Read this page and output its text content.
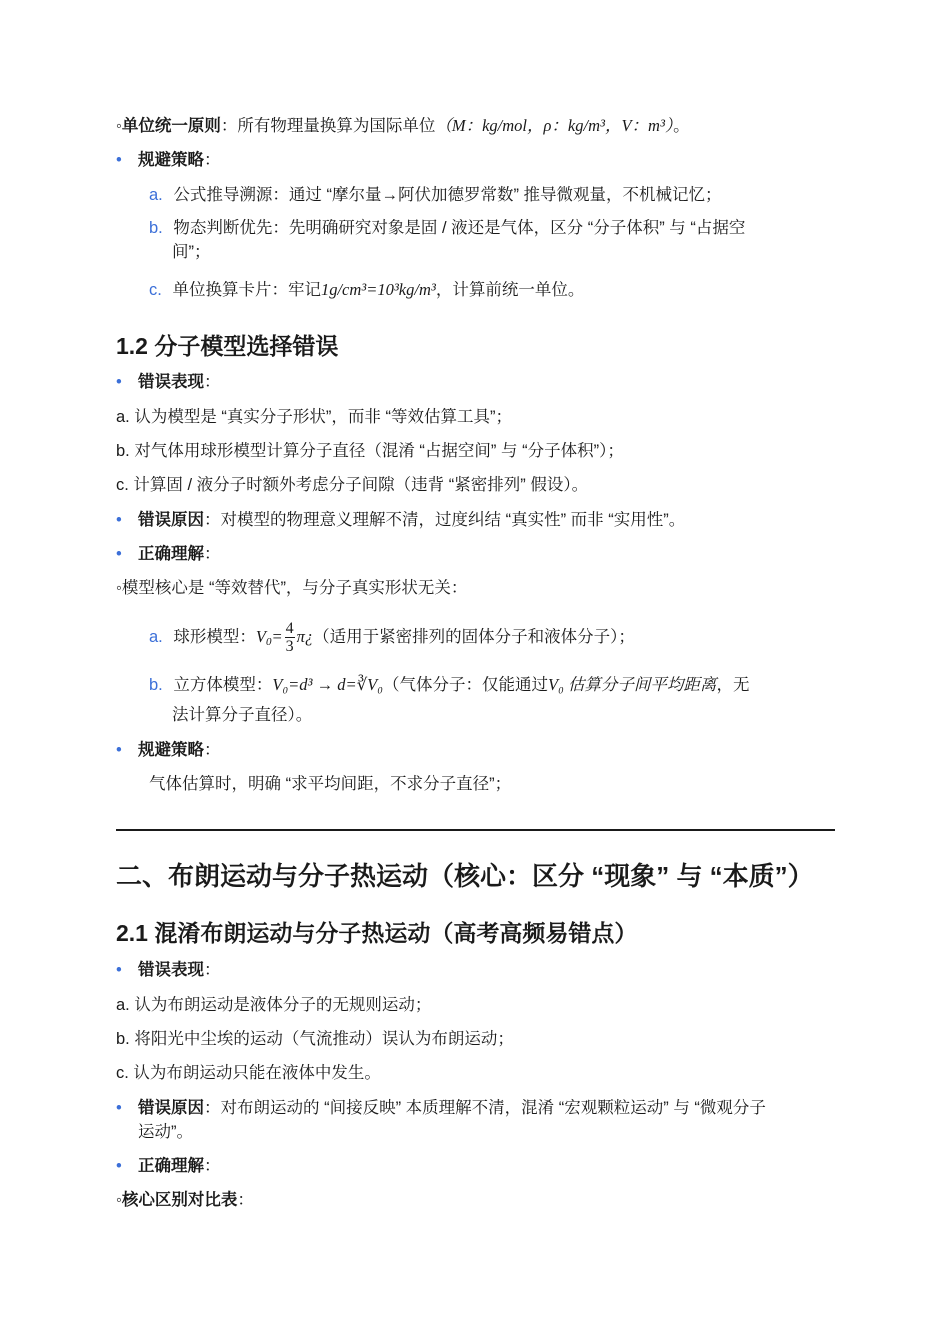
◦单位统一原则：所有物理量换算为国际单位（M：kg/mol，ρ：kg/m³，V：m³）。
• 规避策略：
a. 公式推导溯源：通过 “摩尔量→阿伏加德罗常数” 推导微观量，不机械记忆；
b. 物态判断优先：先明确研究对象是固 / 液还是气体，区分 “分子体积” 与 “占据空
间”；
c. 单位换算卡片：牢记1g/cm³=10³kg/m³，计算前统一单位。
1.2 分子模型选择错误
• 错误表现：
a. 认为模型是 “真实分子形状”，而非 “等效估算工具”；
b. 对气体用球形模型计算分子直径（混淆 “占据空间” 与 “分子体积”）；
c. 计算固 / 液分子时额外考虑分子间隙（违背 “紧密排列” 假设）。
• 错误原因：对模型的物理意义理解不清，过度纠结 “真实性” 而非 “实用性”。
• 正确理解：
◦模型核心是 “等效替代”，与分子真实形状无关：
a. 球形模型：$V_0= \frac{4}{3}$ π¿（适用于紧密排列的固体分子和液体分子）；
b. 立方体模型：V₀=d³ → d=∛V₀（气体分子：仅能通过V₀ 估算分子间平均距离，无
法计算分子直径）。
• 规避策略：
气体估算时，明确 “求平均间距，不求分子直径”；
二、布朗运动与分子热运动（核心：区分 “现象” 与 “本质”）
2.1 混淆布朗运动与分子热运动（高考高频易错点）
• 错误表现：
a. 认为布朗运动是液体分子的无规则运动；
b. 将阳光中尘埃的运动（气流推动）误认为布朗运动；
c. 认为布朗运动只能在液体中发生。
• 错误原因：对布朗运动的 “间接反映” 本质理解不清，混淆 “宏观颗粒运动” 与 “微观分子
运动”。
• 正确理解：
◦核心区别对比表：
